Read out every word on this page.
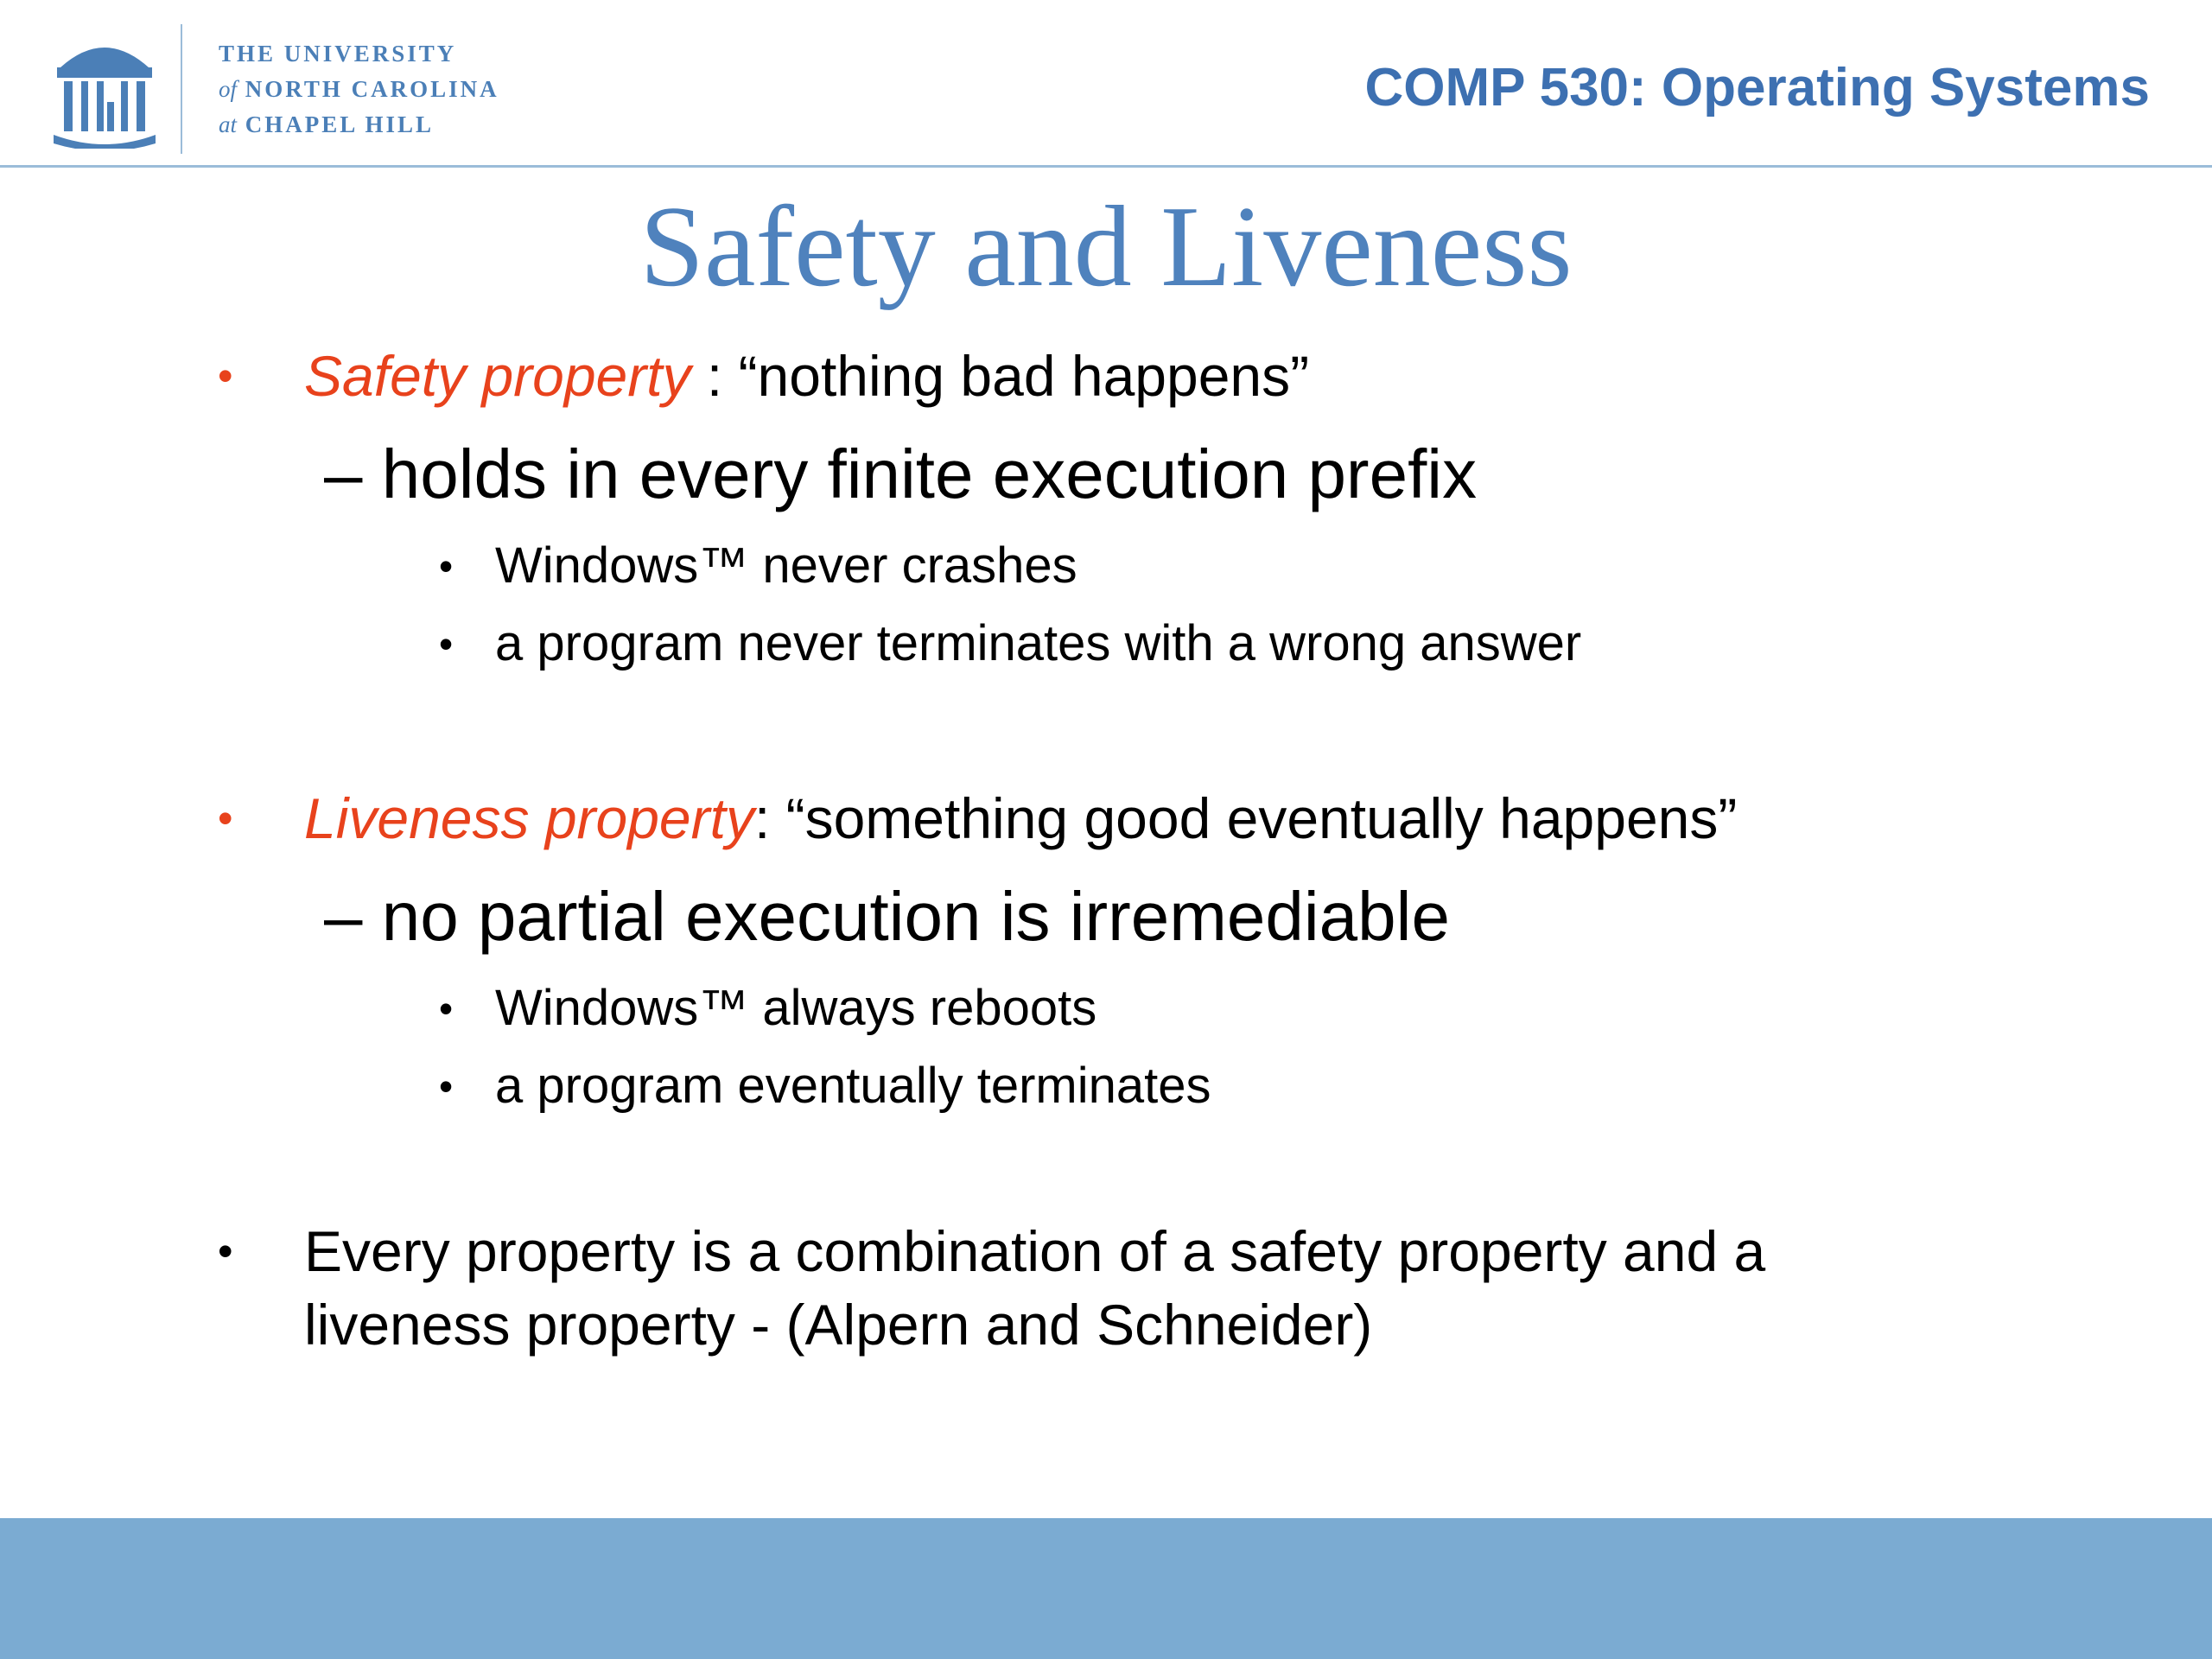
THE UNIVERSITY
of NORTH CAROLINA
at CHAPEL HILL
COMP 530: Operating Systems
Safety and Liveness
• Safety property : “nothing bad happens”
– holds in every finite execution prefix
• Windows™ never crashes
• a program never terminates with a wrong answer
• Liveness property: “something good eventually happens”
– no partial execution is irremediable
• Windows™ always reboots
• a program eventually terminates
• Every property is a combination of a safety property and a
liveness property - (Alpern and Schneider)
